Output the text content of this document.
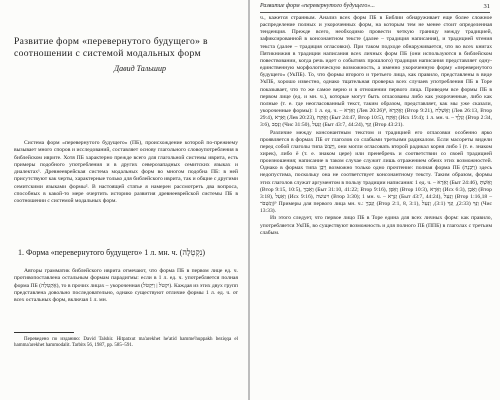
Развитие форм «перевернутого будущего» в соотношении с системой модальных форм
Давид Тальшир

Система форм «перевернутого будущего» (ПБ), происхождение которой по-прежнему вызывает много споров и исследований, составляет основу глагольного словоупотребления в библейском иврите. Хотя ПБ характерно прежде всего для глагольной системы иврита, есть примеры подобного употребления и в других северозападных семитских языках и диалектах¹. Древнееврейская система модальных форм во многом подобна ПБ: в ней присутствуют как черты, характерные только для библейского иврита, так и общие с другими семитскими языками формы². В настоящей статье я намерен рассмотреть два вопроса, способных в какой-то мере очертить историю развития древнееврейской системы ПБ в соотношении с системой модальных форм.

1. Форма «перевернутого будущего» 1 л. мн. ч. (נִקְטְלָה)

Авторы грамматик библейского иврита отмечают, что форма ПБ в первом лице ед. ч. противопоставлена остальным формам парадигмы: если в 1 л. ед. ч. употребляется полная форма ПБ (אֶקְטְלָה), то в прочих лицах – укороченная (יִקְטֹל | וַיִּקְטֹל). Каждая из этих двух групп представлена довольно последовательно, однако существуют отличие формы 1 л. ед. ч. от всех остальных форм, включая 1 л. мн.

Переведено по изданию: David Talshir. Hitpatxut ma'arekhet he'atid hamme'huppakh beziqqa el hamma'arekhet hammodalit. Tarbits 56, 1987, pp. 585–591.

Развитие форм «перевернутого будущего»...	31

ч., кажется странным. Анализ всех форм ПБ в Библии обнаруживает еще более сложное распределение полных и укороченных форм, на которым тем не менее стоит определенная тенденция. Прежде всего, необходимо провести четкую границу между традицией, зафиксированной в консонантном тексте (далее – традиция написания), и традицией чтения текста (далее – традиция огласовки). При таком подходе обнаруживается, что во всех книгах Пятикнижия в традиции написания всех личных форм ПБ (они используются в библейском повествовании, когда речь идет о событиях прошлого) традиция написания представляет одну-единственную морфологическую возможность, а именно укороченную форму «перевернутого будущего» (УкПБ). То, что формы второго и третьего лица, как правило, представлены в виде УкПБ, хорошо известно, однако тщательная проверка всех случаев употребления ПБ в Торе показывает, что то же самое верно и в отношении первого лица. Приведем все формы ПБ в первом лице (ед. и мн. ч.), которые могут быть огласованы либо как укороченные, либо как полные (т. е. где неогласованный текст, таким образом, представляет, как мы уже сказали, укороченные формы): 1 л. ед. ч. – וָאֵרָא (Лев 20:26)⁸, וָאֶקְרָא (Втор 9:21), וָאֶשְׁלַח (Лев 26:13, Втор 29:4), וָאֵרֶא (Лев 20:23), וָאֶקַּח (Быт 24:47, Втор 10:5), וָאֶקַּח (Исх 19:4); 1 л. мн. ч. – וַנֵּלֶךְ (Втор 2:34, 3:6), וַנָּסַב (Чис 31:50), וַנַּעַל (Быт 43:7, 44:24), וַנַּךְ (Втор 43:21).

Различие между консонантным текстом и традицией его огласовки особенно ярко проявляется в формах ПБ от глаголов со слабыми третьими радикалом. Если масореты видели перед собой глаголы типа וַיַּעַשׂ, они могли огласовать второй радикал корня либо ī (т. е. знаком хирек), либо ē (т. е. знаком цере) или пренебречь и соответствии со своей традицией произношения; написание в таком случае служит лишь отражением обеих этих возможностей. Однако в формах типа וַיִּבֶן возможно только одно прочтение: полная форма ПБ (וַיִּבְנֶה) здесь недопустима, поскольку она не соответствует консонантному тексту. Таким образом, формы этих глаголов служат аргументом в пользу традиции написания: 1 ед. ч. – וָאֵרֶא (Быт 24:46), וָאֵשְׁתְּ (Втор 9:15, 10:5), וָאֵבְךְּ (Быт 31:10, 41:22; Втор 9:16), וָאֵפֶן (Втор 10:3), וָאֵרֶא (Исх 6:3), וָאֵבֶן (Втор 3:18), וָאֵעַל (Исх 9:16), ויעשה (Втор 3:30); 1 мн. ч. – וַנֵּרֶא (Быт 43:7, 44:24), וַנַּעַל (Втор 1:16,18 – וַנִּשְׁבֹּר)⁹ Примеры для первого лица мн. ч.: וַנֵּבְךְּ (Втор 2:1, 8, 3:1), וַנַּךְ (2:33), וַנַּךְ (3:1), וַנַּעַל (Чис 13:33).

Из этого следует, что первое лицо ПБ в Торе едина для всех личных форм: как правило, употребляется УкПБ, во существуют возможность и для полного ПБ (ППБ) в глаголах с третьим слабым.
